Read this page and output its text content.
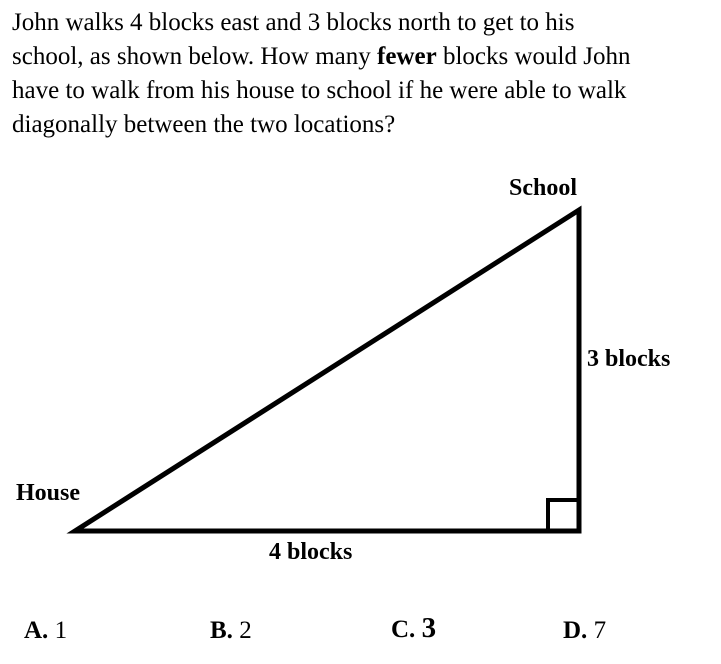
John walks 4 blocks east and 3 blocks north to get to his school, as shown below. How many fewer blocks would John have to walk from his house to school if he were able to walk diagonally between the two locations?

School
House
3 blocks
4 blocks
A. 1	B. 2	C. 3	D. 7
